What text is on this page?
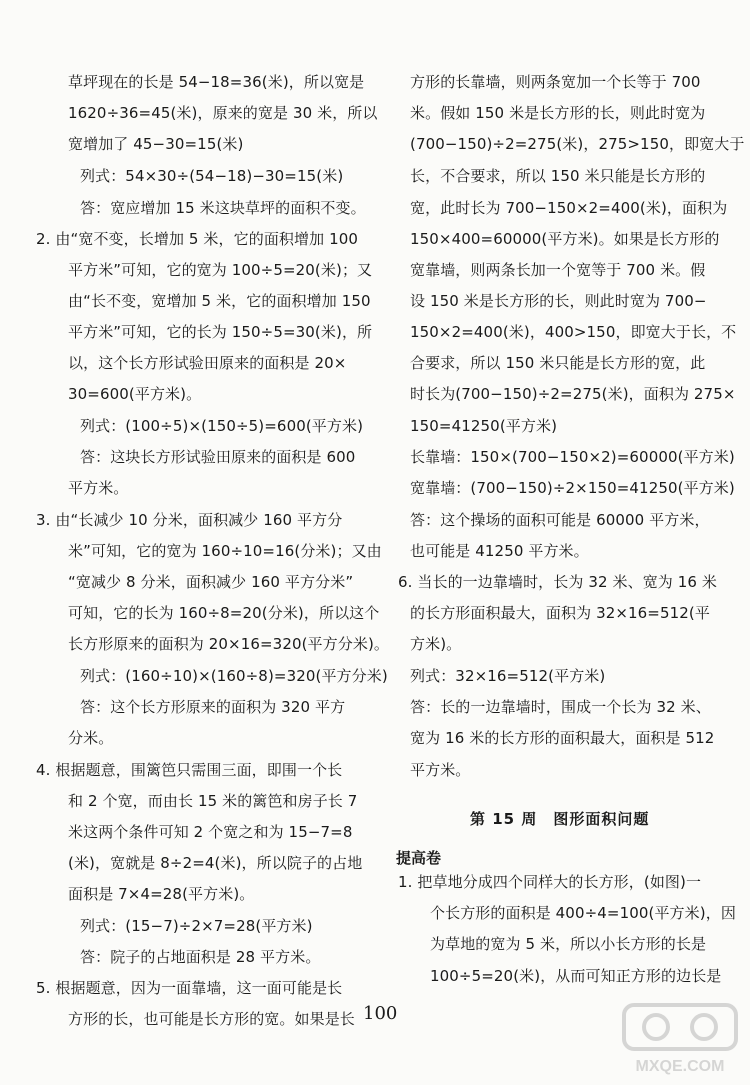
草坪现在的长是 54−18=36(米)，所以宽是
1620÷36=45(米)，原来的宽是 30 米，所以
宽增加了 45−30=15(米)
列式：54×30÷(54−18)−30=15(米)
答：宽应增加 15 米这块草坪的面积不变。
2. 由“宽不变，长增加 5 米，它的面积增加 100
平方米”可知，它的宽为 100÷5=20(米)；又
由“长不变，宽增加 5 米，它的面积增加 150
平方米”可知，它的长为 150÷5=30(米)，所
以，这个长方形试验田原来的面积是 20×
30=600(平方米)。
列式：(100÷5)×(150÷5)=600(平方米)
答：这块长方形试验田原来的面积是 600
平方米。
3. 由“长减少 10 分米，面积减少 160 平方分
米”可知，它的宽为 160÷10=16(分米)；又由
“宽减少 8 分米，面积减少 160 平方分米”
可知，它的长为 160÷8=20(分米)，所以这个
长方形原来的面积为 20×16=320(平方分米)。
列式：(160÷10)×(160÷8)=320(平方分米)
答：这个长方形原来的面积为 320 平方
分米。
4. 根据题意，围篱笆只需围三面，即围一个长
和 2 个宽，而由长 15 米的篱笆和房子长 7
米这两个条件可知 2 个宽之和为 15−7=8
(米)，宽就是 8÷2=4(米)，所以院子的占地
面积是 7×4=28(平方米)。
列式：(15−7)÷2×7=28(平方米)
答：院子的占地面积是 28 平方米。
5. 根据题意，因为一面靠墙，这一面可能是长
方形的长，也可能是长方形的宽。如果是长
方形的长靠墙，则两条宽加一个长等于 700
米。假如 150 米是长方形的长，则此时宽为
(700−150)÷2=275(米)，275>150，即宽大于
长，不合要求，所以 150 米只能是长方形的
宽，此时长为 700−150×2=400(米)，面积为
150×400=60000(平方米)。如果是长方形的
宽靠墙，则两条长加一个宽等于 700 米。假
设 150 米是长方形的长，则此时宽为 700−
150×2=400(米)，400>150，即宽大于长，不
合要求，所以 150 米只能是长方形的宽，此
时长为(700−150)÷2=275(米)，面积为 275×
150=41250(平方米)
长靠墙：150×(700−150×2)=60000(平方米)
宽靠墙：(700−150)÷2×150=41250(平方米)
答：这个操场的面积可能是 60000 平方米，
也可能是 41250 平方米。
6. 当长的一边靠墙时，长为 32 米、宽为 16 米
的长方形面积最大，面积为 32×16=512(平
方米)。
列式：32×16=512(平方米)
答：长的一边靠墙时，围成一个长为 32 米、
宽为 16 米的长方形的面积最大，面积是 512
平方米。
1. 把草地分成四个同样大的长方形，(如图)一
个长方形的面积是 400÷4=100(平方米)，因
为草地的宽为 5 米，所以小长方形的长是
100÷5=20(米)，从而可知正方形的边长是
第 15 周　图形面积问题
提高卷
100
MXQE.COM
